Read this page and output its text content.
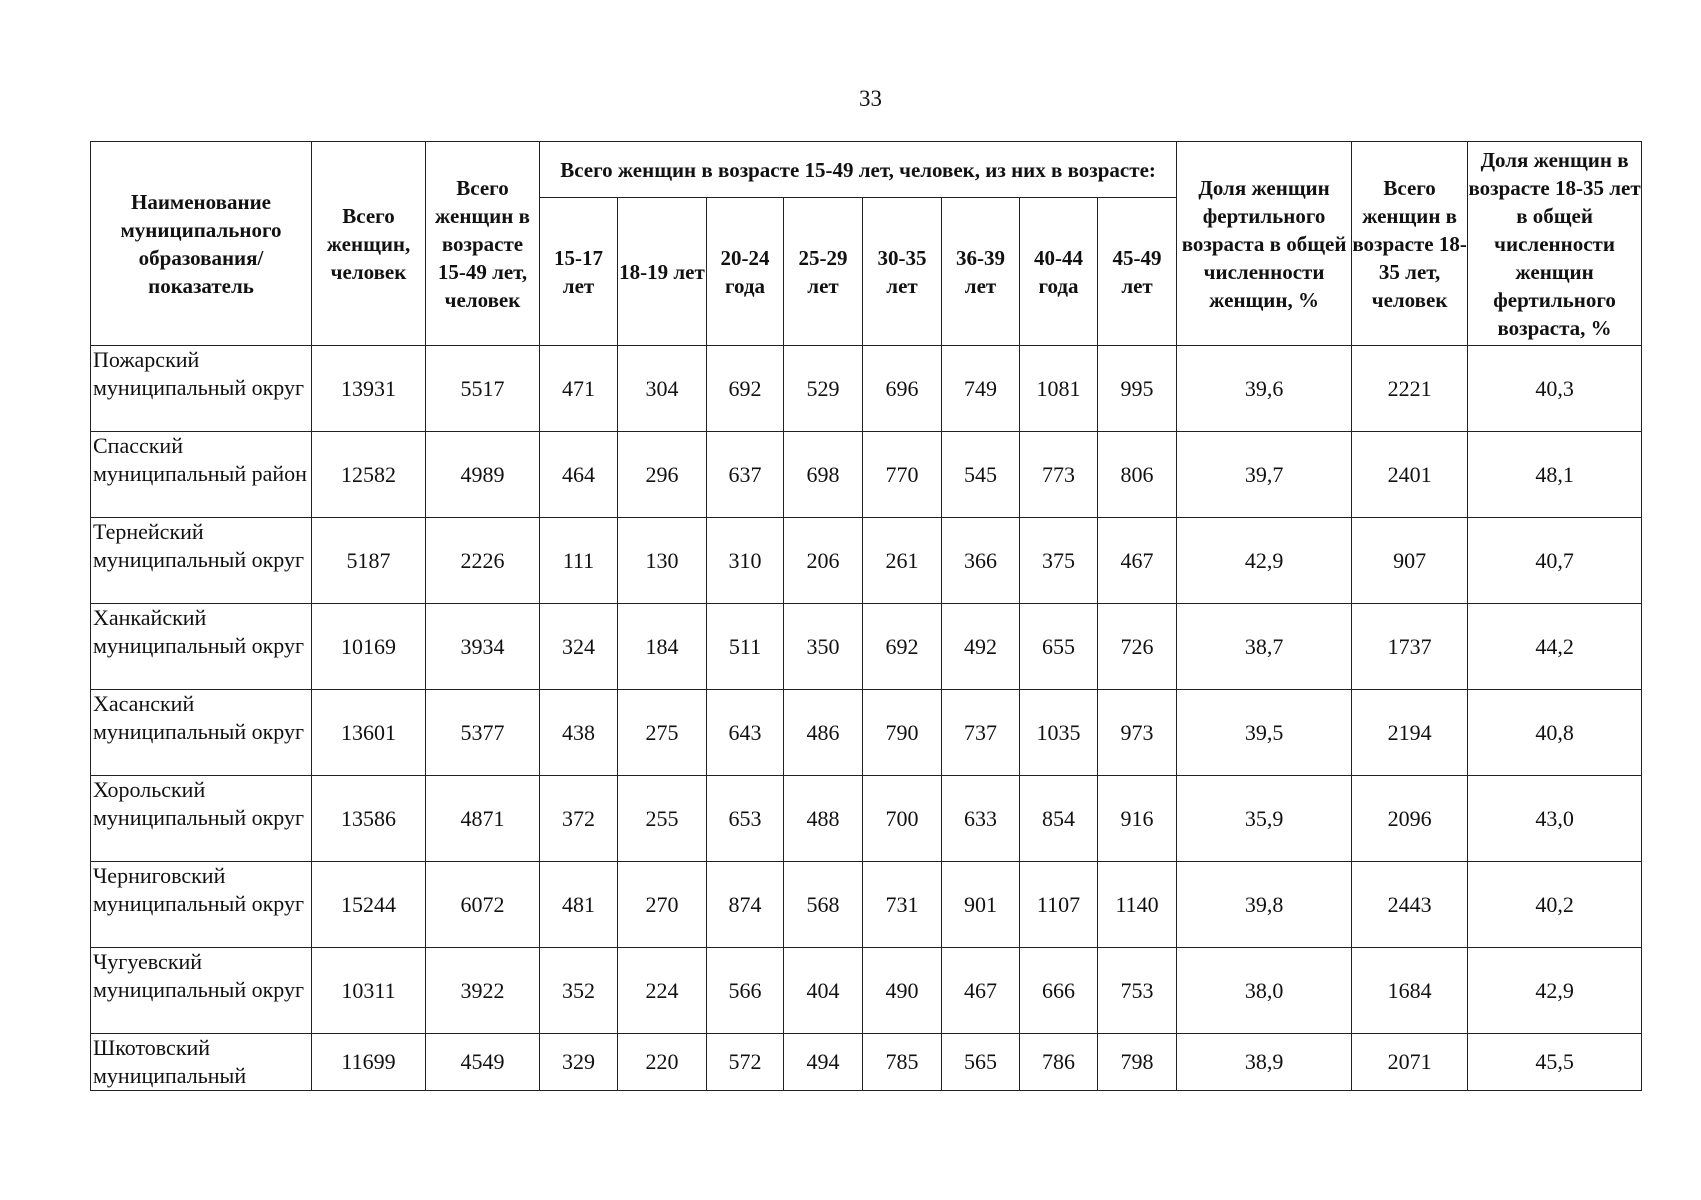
33
Наименование муниципального образования/ показатель	Всего женщин, человек	Всего женщин в возрасте 15-49 лет, человек	Всего женщин в возрасте 15-49 лет, человек, из них в возрасте:								Доля женщин фертильного возраста в общей численности женщин, %	Всего женщин в возрасте 18-35 лет, человек	Доля женщин в возрасте 18-35 лет в общей численности женщин фертильного возраста, %
			15-17 лет	18-19 лет	20-24 года	25-29 лет	30-35 лет	36-39 лет	40-44 года	45-49 лет			
Пожарский муниципальный округ	13931	5517	471	304	692	529	696	749	1081	995	39,6	2221	40,3
Спасский муниципальный район	12582	4989	464	296	637	698	770	545	773	806	39,7	2401	48,1
Тернейский муниципальный округ	5187	2226	111	130	310	206	261	366	375	467	42,9	907	40,7
Ханкайский муниципальный округ	10169	3934	324	184	511	350	692	492	655	726	38,7	1737	44,2
Хасанский муниципальный округ	13601	5377	438	275	643	486	790	737	1035	973	39,5	2194	40,8
Хорольский муниципальный округ	13586	4871	372	255	653	488	700	633	854	916	35,9	2096	43,0
Черниговский муниципальный округ	15244	6072	481	270	874	568	731	901	1107	1140	39,8	2443	40,2
Чугуевский муниципальный округ	10311	3922	352	224	566	404	490	467	666	753	38,0	1684	42,9
Шкотовский муниципальный	11699	4549	329	220	572	494	785	565	786	798	38,9	2071	45,5
